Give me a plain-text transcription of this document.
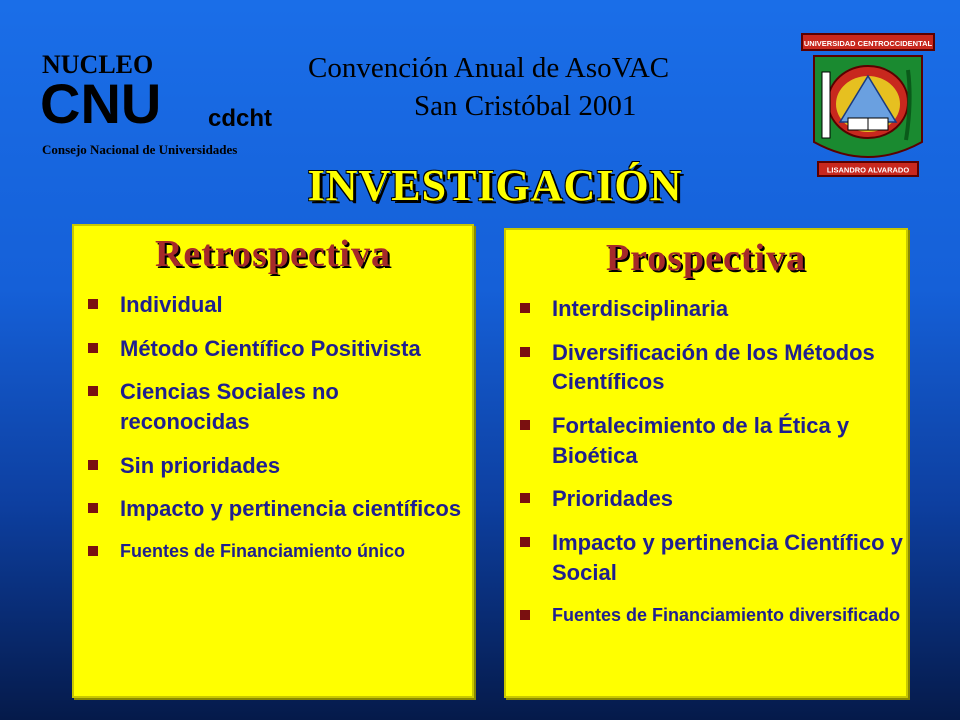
NUCLEO
CNU cdcht
Consejo Nacional de Universidades
Convención Anual de AsoVAC
San Cristóbal 2001
UNIVERSIDAD CENTROCCIDENTAL
LISANDRO ALVARADO
INVESTIGACIÓN
Retrospectiva
Individual
Método Científico Positivista
Ciencias Sociales no reconocidas
Sin prioridades
Impacto y pertinencia científicos
Fuentes de Financiamiento único
Prospectiva
Interdisciplinaria
Diversificación de los Métodos Científicos
Fortalecimiento de la Ética y Bioética
Prioridades
Impacto y pertinencia Científico y Social
Fuentes de Financiamiento diversificado
